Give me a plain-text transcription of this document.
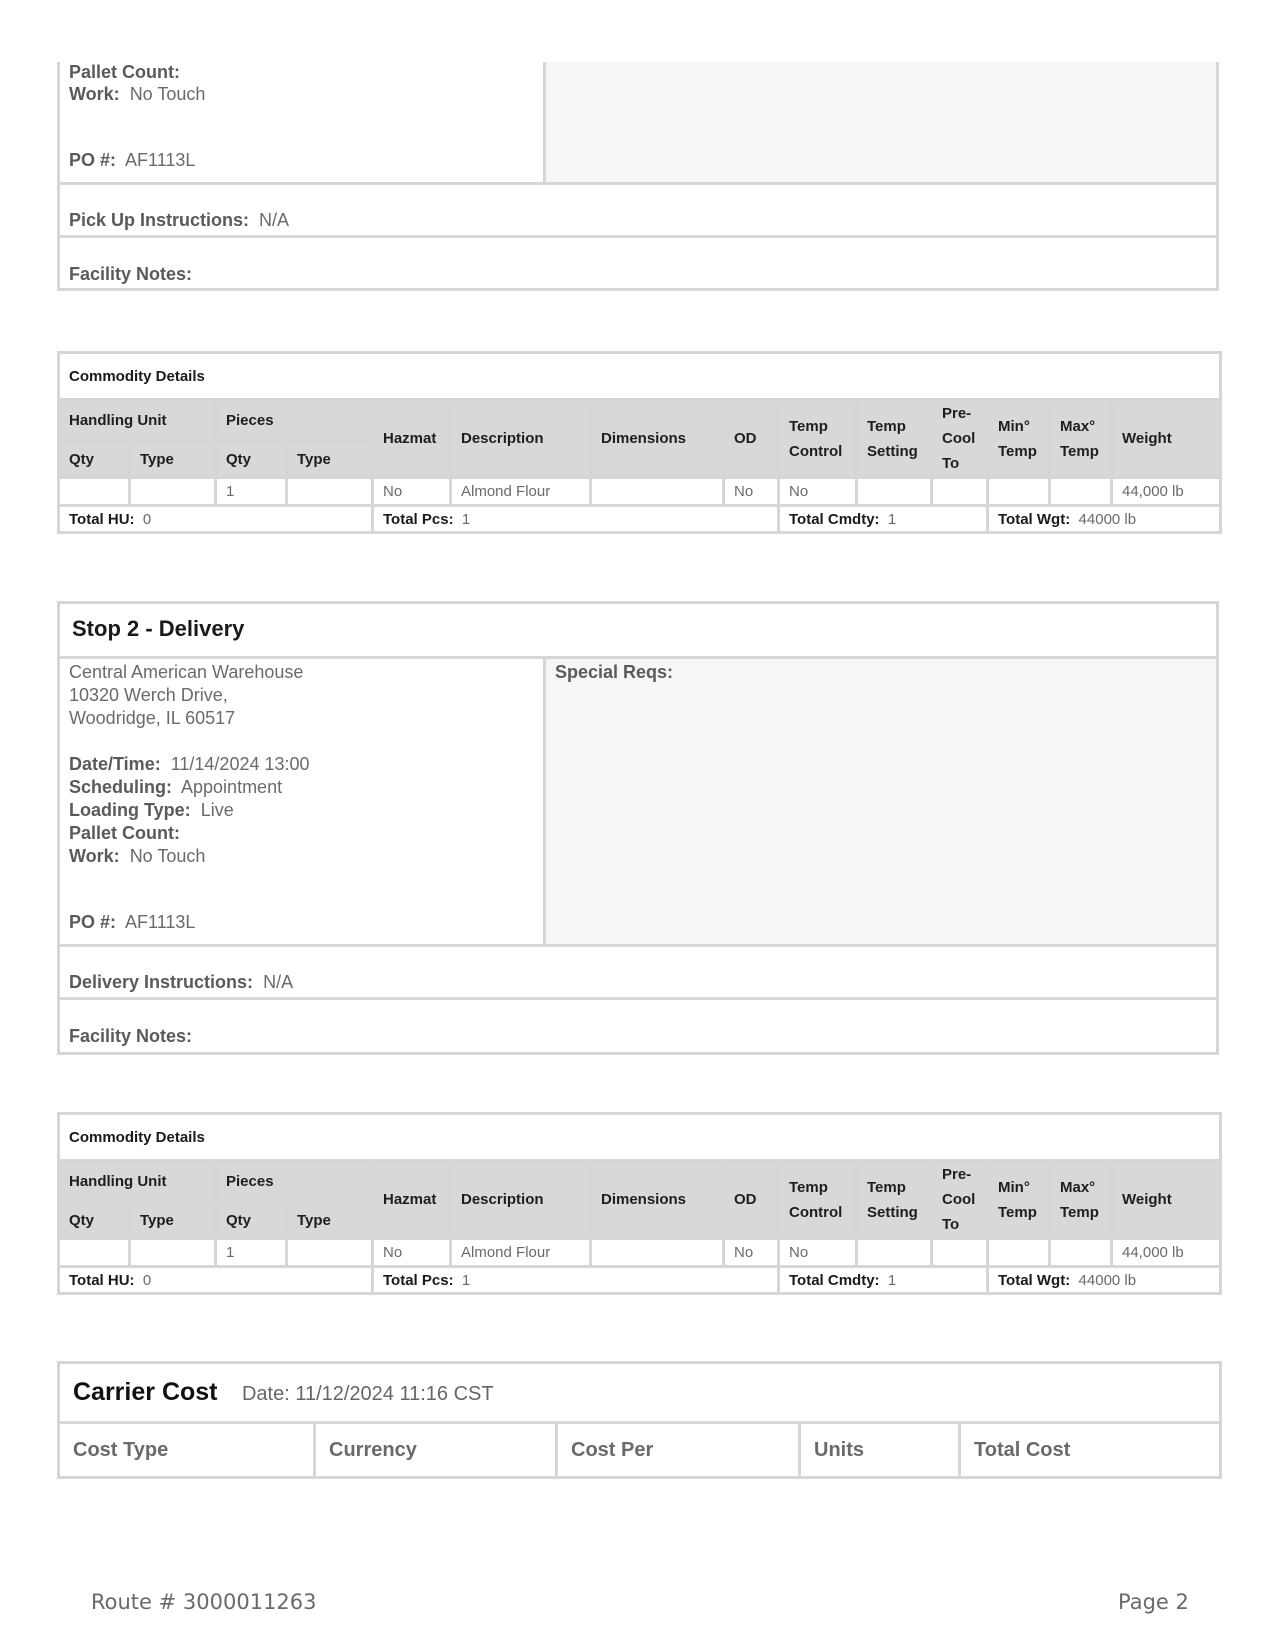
Pallet Count:
Work: No Touch
PO #: AF1113L
Pick Up Instructions: N/A
Facility Notes:
Commodity Details													
Handling Unit		Pieces		Hazmat	Description	Dimensions	OD	Temp Control	Temp Setting	Pre-Cool To	Min° Temp	Max° Temp	Weight
Qty	Type	Qty	Type										
		1		No	Almond Flour		No	No					44,000 lb
Total HU: 0				Total Pcs: 1				Total Cmdty: 1			Total Wgt: 44000 lb		
Stop 2 - Delivery
Central American Warehouse
10320 Werch Drive,
Woodridge, IL 60517
Date/Time: 11/14/2024 13:00
Scheduling: Appointment
Loading Type: Live
Pallet Count:
Work: No Touch
PO #: AF1113L
Special Reqs:
Delivery Instructions: N/A
Facility Notes:
Commodity Details													
Handling Unit		Pieces		Hazmat	Description	Dimensions	OD	Temp Control	Temp Setting	Pre-Cool To	Min° Temp	Max° Temp	Weight
Qty	Type	Qty	Type										
		1		No	Almond Flour		No	No					44,000 lb
Total HU: 0				Total Pcs: 1				Total Cmdty: 1			Total Wgt: 44000 lb		
Carrier Cost Date: 11/12/2024 11:16 CST
Cost Type	Currency	Cost Per	Units	Total Cost
Route # 3000011263	Page 2
